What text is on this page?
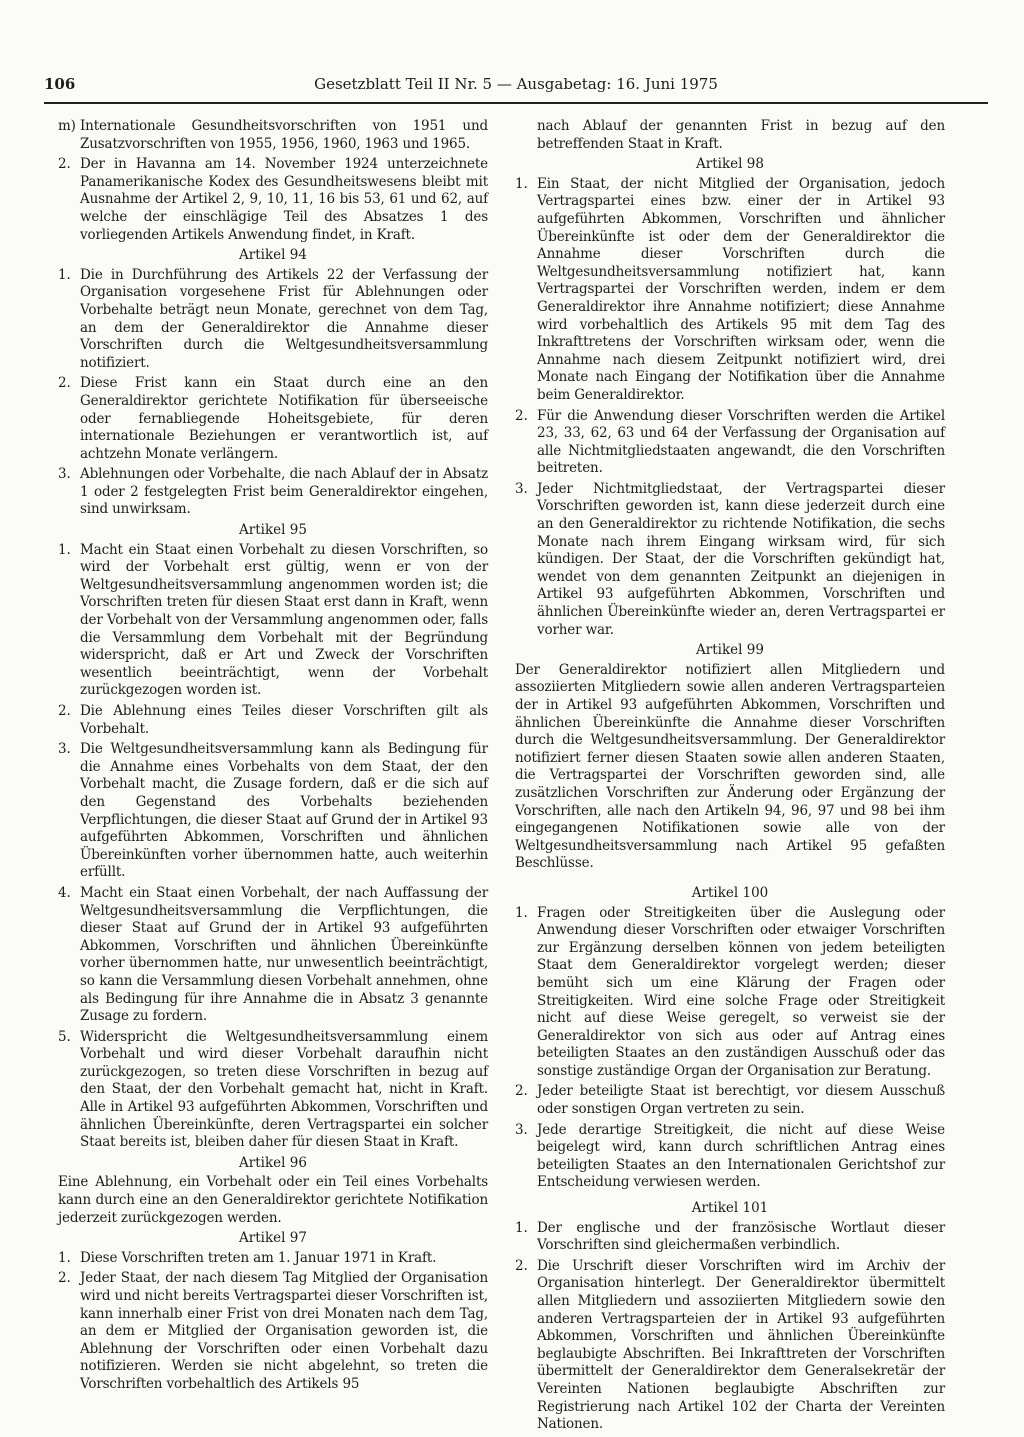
106	Gesetzblatt Teil II Nr. 5 — Ausgabetag: 16. Juni 1975

m) Internationale Gesundheitsvorschriften von 1951 und Zusatzvorschriften von 1955, 1956, 1960, 1963 und 1965.

2. Der in Havanna am 14. November 1924 unterzeichnete Panamerikanische Kodex des Gesundheitswesens bleibt mit Ausnahme der Artikel 2, 9, 10, 11, 16 bis 53, 61 und 62, auf welche der einschlägige Teil des Absatzes 1 des vorliegenden Artikels Anwendung findet, in Kraft.

Artikel 94

1. Die in Durchführung des Artikels 22 der Verfassung der Organisation vorgesehene Frist für Ablehnungen oder Vorbehalte beträgt neun Monate, gerechnet von dem Tag, an dem der Generaldirektor die Annahme dieser Vorschriften durch die Weltgesundheitsversammlung notifiziert.

2. Diese Frist kann ein Staat durch eine an den Generaldirektor gerichtete Notifikation für überseeische oder fernabliegende Hoheitsgebiete, für deren internationale Beziehungen er verantwortlich ist, auf achtzehn Monate verlängern.

3. Ablehnungen oder Vorbehalte, die nach Ablauf der in Absatz 1 oder 2 festgelegten Frist beim Generaldirektor eingehen, sind unwirksam.

Artikel 95

1. Macht ein Staat einen Vorbehalt zu diesen Vorschriften, so wird der Vorbehalt erst gültig, wenn er von der Weltgesundheitsversammlung angenommen worden ist; die Vorschriften treten für diesen Staat erst dann in Kraft, wenn der Vorbehalt von der Versammlung angenommen oder, falls die Versammlung dem Vorbehalt mit der Begründung widerspricht, daß er Art und Zweck der Vorschriften wesentlich beeinträchtigt, wenn der Vorbehalt zurückgezogen worden ist.

2. Die Ablehnung eines Teiles dieser Vorschriften gilt als Vorbehalt.

3. Die Weltgesundheitsversammlung kann als Bedingung für die Annahme eines Vorbehalts von dem Staat, der den Vorbehalt macht, die Zusage fordern, daß er die sich auf den Gegenstand des Vorbehalts beziehenden Verpflichtungen, die dieser Staat auf Grund der in Artikel 93 aufgeführten Abkommen, Vorschriften und ähnlichen Übereinkünften vorher übernommen hatte, auch weiterhin erfüllt.

4. Macht ein Staat einen Vorbehalt, der nach Auffassung der Weltgesundheitsversammlung die Verpflichtungen, die dieser Staat auf Grund der in Artikel 93 aufgeführten Abkommen, Vorschriften und ähnlichen Übereinkünfte vorher übernommen hatte, nur unwesentlich beeinträchtigt, so kann die Versammlung diesen Vorbehalt annehmen, ohne als Bedingung für ihre Annahme die in Absatz 3 genannte Zusage zu fordern.

5. Widerspricht die Weltgesundheitsversammlung einem Vorbehalt und wird dieser Vorbehalt daraufhin nicht zurückgezogen, so treten diese Vorschriften in bezug auf den Staat, der den Vorbehalt gemacht hat, nicht in Kraft. Alle in Artikel 93 aufgeführten Abkommen, Vorschriften und ähnlichen Übereinkünfte, deren Vertragspartei ein solcher Staat bereits ist, bleiben daher für diesen Staat in Kraft.

Artikel 96

Eine Ablehnung, ein Vorbehalt oder ein Teil eines Vorbehalts kann durch eine an den Generaldirektor gerichtete Notifikation jederzeit zurückgezogen werden.

Artikel 97

1. Diese Vorschriften treten am 1. Januar 1971 in Kraft.

2. Jeder Staat, der nach diesem Tag Mitglied der Organisation wird und nicht bereits Vertragspartei dieser Vorschriften ist, kann innerhalb einer Frist von drei Monaten nach dem Tag, an dem er Mitglied der Organisation geworden ist, die Ablehnung der Vorschriften oder einen Vorbehalt dazu notifizieren. Werden sie nicht abgelehnt, so treten die Vorschriften vorbehaltlich des Artikels 95

nach Ablauf der genannten Frist in bezug auf den betreffenden Staat in Kraft.

Artikel 98

1. Ein Staat, der nicht Mitglied der Organisation, jedoch Vertragspartei eines bzw. einer der in Artikel 93 aufgeführten Abkommen, Vorschriften und ähnlicher Übereinkünfte ist oder dem der Generaldirektor die Annahme dieser Vorschriften durch die Weltgesundheitsversammlung notifiziert hat, kann Vertragspartei der Vorschriften werden, indem er dem Generaldirektor ihre Annahme notifiziert; diese Annahme wird vorbehaltlich des Artikels 95 mit dem Tag des Inkrafttretens der Vorschriften wirksam oder, wenn die Annahme nach diesem Zeitpunkt notifiziert wird, drei Monate nach Eingang der Notifikation über die Annahme beim Generaldirektor.

2. Für die Anwendung dieser Vorschriften werden die Artikel 23, 33, 62, 63 und 64 der Verfassung der Organisation auf alle Nichtmitgliedstaaten angewandt, die den Vorschriften beitreten.

3. Jeder Nichtmitgliedstaat, der Vertragspartei dieser Vorschriften geworden ist, kann diese jederzeit durch eine an den Generaldirektor zu richtende Notifikation, die sechs Monate nach ihrem Eingang wirksam wird, für sich kündigen. Der Staat, der die Vorschriften gekündigt hat, wendet von dem genannten Zeitpunkt an diejenigen in Artikel 93 aufgeführten Abkommen, Vorschriften und ähnlichen Übereinkünfte wieder an, deren Vertragspartei er vorher war.

Artikel 99

Der Generaldirektor notifiziert allen Mitgliedern und assoziierten Mitgliedern sowie allen anderen Vertragsparteien der in Artikel 93 aufgeführten Abkommen, Vorschriften und ähnlichen Übereinkünfte die Annahme dieser Vorschriften durch die Weltgesundheitsversammlung. Der Generaldirektor notifiziert ferner diesen Staaten sowie allen anderen Staaten, die Vertragspartei der Vorschriften geworden sind, alle zusätzlichen Vorschriften zur Änderung oder Ergänzung der Vorschriften, alle nach den Artikeln 94, 96, 97 und 98 bei ihm eingegangenen Notifikationen sowie alle von der Weltgesundheitsversammlung nach Artikel 95 gefaßten Beschlüsse.

Artikel 100

1. Fragen oder Streitigkeiten über die Auslegung oder Anwendung dieser Vorschriften oder etwaiger Vorschriften zur Ergänzung derselben können von jedem beteiligten Staat dem Generaldirektor vorgelegt werden; dieser bemüht sich um eine Klärung der Fragen oder Streitigkeiten. Wird eine solche Frage oder Streitigkeit nicht auf diese Weise geregelt, so verweist sie der Generaldirektor von sich aus oder auf Antrag eines beteiligten Staates an den zuständigen Ausschuß oder das sonstige zuständige Organ der Organisation zur Beratung.

2. Jeder beteiligte Staat ist berechtigt, vor diesem Ausschuß oder sonstigen Organ vertreten zu sein.

3. Jede derartige Streitigkeit, die nicht auf diese Weise beigelegt wird, kann durch schriftlichen Antrag eines beteiligten Staates an den Internationalen Gerichtshof zur Entscheidung verwiesen werden.

Artikel 101

1. Der englische und der französische Wortlaut dieser Vorschriften sind gleichermaßen verbindlich.

2. Die Urschrift dieser Vorschriften wird im Archiv der Organisation hinterlegt. Der Generaldirektor übermittelt allen Mitgliedern und assoziierten Mitgliedern sowie den anderen Vertragsparteien der in Artikel 93 aufgeführten Abkommen, Vorschriften und ähnlichen Übereinkünfte beglaubigte Abschriften. Bei Inkrafttreten der Vorschriften übermittelt der Generaldirektor dem Generalsekretär der Vereinten Nationen beglaubigte Abschriften zur Registrierung nach Artikel 102 der Charta der Vereinten Nationen.
